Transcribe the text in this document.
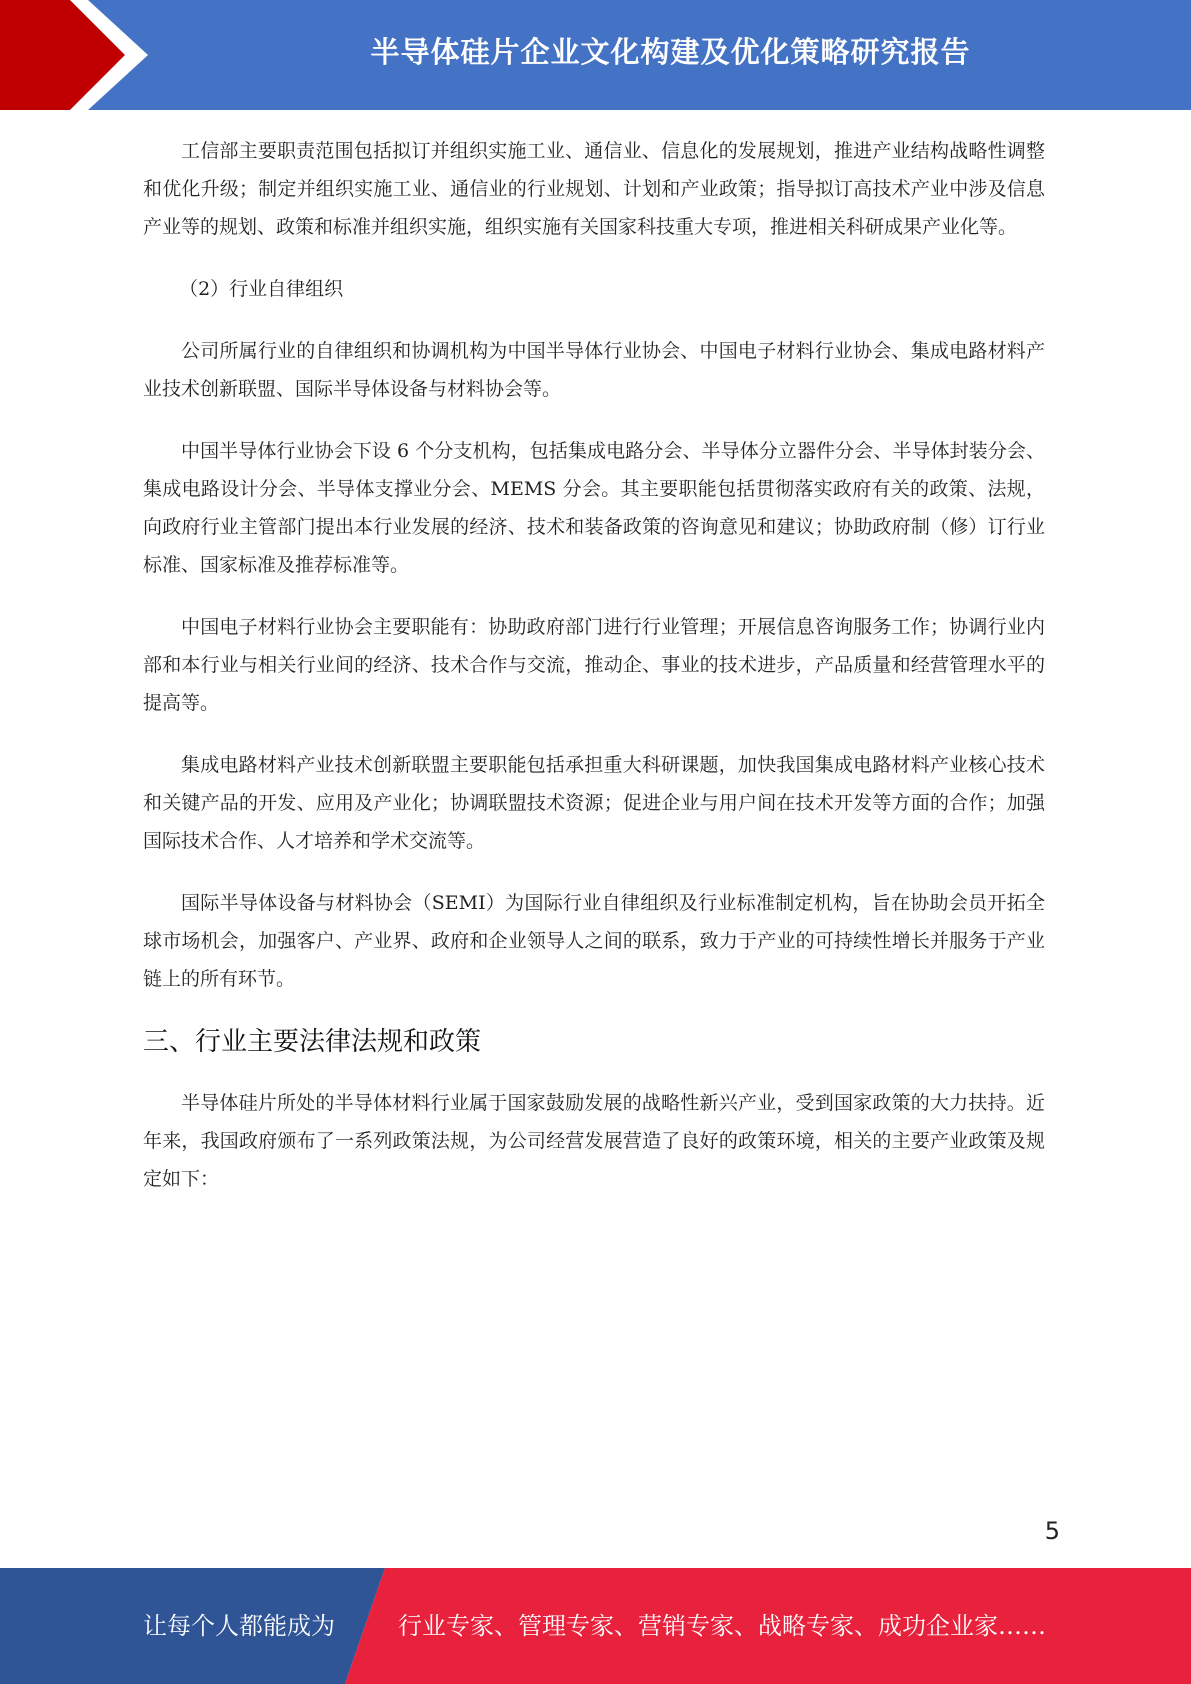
半导体硅片企业文化构建及优化策略研究报告

工信部主要职责范围包括拟订并组织实施工业、通信业、信息化的发展规划，推进产业结构战略性调整和优化升级；制定并组织实施工业、通信业的行业规划、计划和产业政策；指导拟订高技术产业中涉及信息产业等的规划、政策和标准并组织实施，组织实施有关国家科技重大专项，推进相关科研成果产业化等。

（2）行业自律组织

公司所属行业的自律组织和协调机构为中国半导体行业协会、中国电子材料行业协会、集成电路材料产业技术创新联盟、国际半导体设备与材料协会等。

中国半导体行业协会下设 6 个分支机构，包括集成电路分会、半导体分立器件分会、半导体封装分会、集成电路设计分会、半导体支撑业分会、MEMS 分会。其主要职能包括贯彻落实政府有关的政策、法规，向政府行业主管部门提出本行业发展的经济、技术和装备政策的咨询意见和建议；协助政府制（修）订行业标准、国家标准及推荐标准等。

中国电子材料行业协会主要职能有：协助政府部门进行行业管理；开展信息咨询服务工作；协调行业内部和本行业与相关行业间的经济、技术合作与交流，推动企、事业的技术进步，产品质量和经营管理水平的提高等。

集成电路材料产业技术创新联盟主要职能包括承担重大科研课题，加快我国集成电路材料产业核心技术和关键产品的开发、应用及产业化；协调联盟技术资源；促进企业与用户间在技术开发等方面的合作；加强国际技术合作、人才培养和学术交流等。

国际半导体设备与材料协会（SEMI）为国际行业自律组织及行业标准制定机构，旨在协助会员开拓全球市场机会，加强客户、产业界、政府和企业领导人之间的联系，致力于产业的可持续性增长并服务于产业链上的所有环节。

三、行业主要法律法规和政策

半导体硅片所处的半导体材料行业属于国家鼓励发展的战略性新兴产业，受到国家政策的大力扶持。近年来，我国政府颁布了一系列政策法规，为公司经营发展营造了良好的政策环境，相关的主要产业政策及规定如下：

5
让每个人都能成为	行业专家、管理专家、营销专家、战略专家、成功企业家……
